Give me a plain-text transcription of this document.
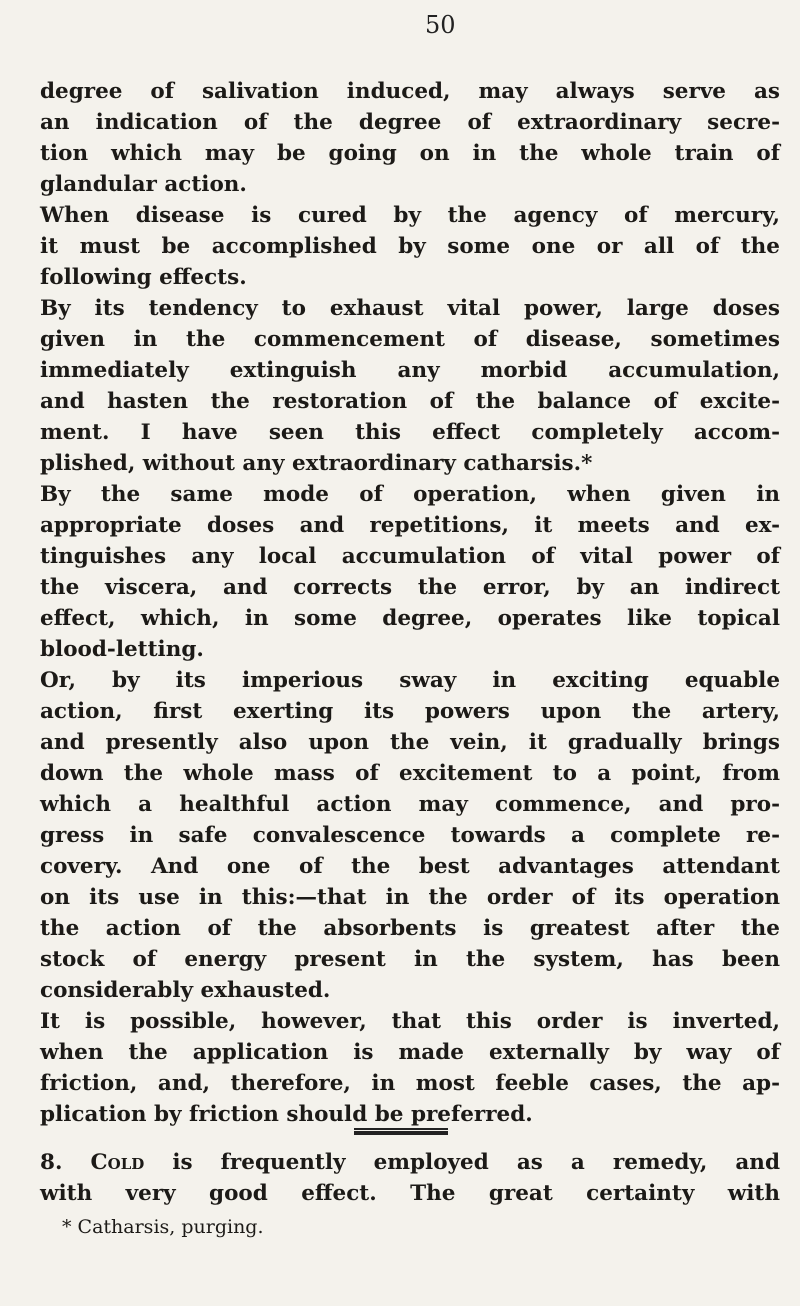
50
degree of salivation induced, may always serve as
an indication of the degree of extraordinary secre-
tion which may be going on in the whole train of
glandular action.
When disease is cured by the agency of mercury,
it must be accomplished by some one or all of the
following effects.
By its tendency to exhaust vital power, large doses
given in the commencement of disease, sometimes
immediately extinguish any morbid accumulation,
and hasten the restoration of the balance of excite-
ment. I have seen this effect completely accom-
plished, without any extraordinary catharsis.*
By the same mode of operation, when given in
appropriate doses and repetitions, it meets and ex-
tinguishes any local accumulation of vital power of
the viscera, and corrects the error, by an indirect
effect, which, in some degree, operates like topical
blood-letting.
Or, by its imperious sway in exciting equable
action, first exerting its powers upon the artery,
and presently also upon the vein, it gradually brings
down the whole mass of excitement to a point, from
which a healthful action may commence, and pro-
gress in safe convalescence towards a complete re-
covery. And one of the best advantages attendant
on its use in this:—that in the order of its operation
the action of the absorbents is greatest after the
stock of energy present in the system, has been
considerably exhausted.
It is possible, however, that this order is inverted,
when the application is made externally by way of
friction, and, therefore, in most feeble cases, the ap-
plication by friction should be preferred.
8. Cold is frequently employed as a remedy, and
with very good effect. The great certainty with
* Catharsis, purging.
